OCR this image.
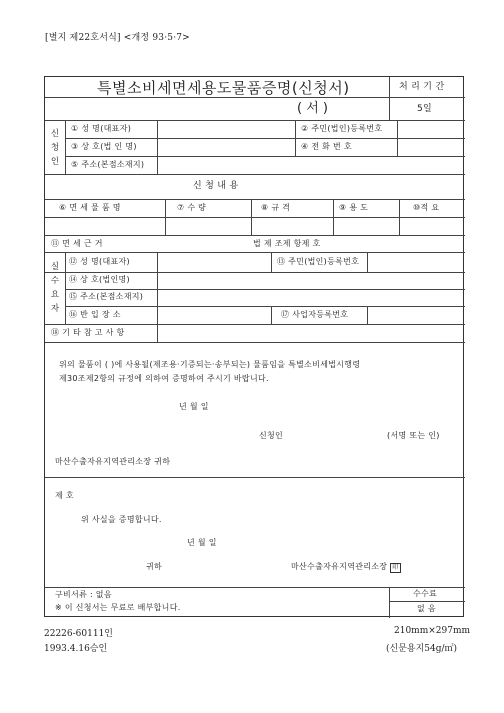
[별지 제22호서식] <개정 93·5·7>
특별소비세면세용도물품증명(신청서)
( 서 )
처 리 기 간
5일
신
청
인
① 성 명(대표자)	② 주민(법인)등록번호
③ 상 호(법 인 명)	④ 전 화 번 호
⑤ 주소(본점소재지)
신 청 내 용
⑥ 면 세 물 품 명	⑦ 수 량	⑧ 규 격	⑨ 용 도	⑩적 요
⑪ 면 세 근 거	법 제 조제 항제 호
실
수
요
자
⑫ 성 명(대표자)	⑬ 주민(법인)등록번호
⑭ 상 호(법인명)
⑮ 주소(본점소재지)
⑯ 반 입 장 소	⑰ 사업자등록번호
⑱ 기 타 참 고 사 항
위의 물품이 ( )에 사용될(제조용·기증되는·송부되는) 물품임을 특별소비세법시행령
제30조제2항의 규정에 의하여 증명하여 주시기 바랍니다.
년 월 일
신청인	(서명 또는 인)
마산수출자유지역관리소장 귀하
제 호
위 사실을 증명합니다.
년 월 일
귀하	마산수출자유지역관리소장 印
구비서류 : 없음
※ 이 신청서는 무료로 배부합니다.
수수료
없 음
22226-60111인
1993.4.16승인
210mm×297mm
(신문용지54g/㎡)
